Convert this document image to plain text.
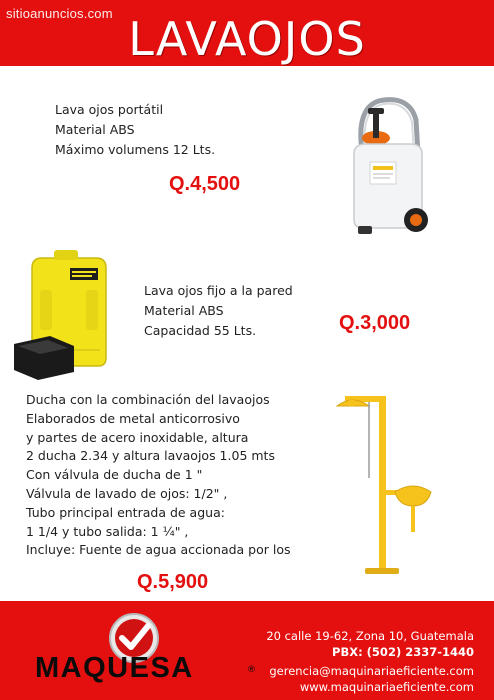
sitioanuncios.com LAVAOJOS
Lava ojos portátil
Material ABS
Máximo volumens 12 Lts.
Q.4,500
Lava ojos fijo a la pared
Material ABS
Capacidad 55 Lts.	Q.3,000
Ducha con la combinación del lavaojos
Elaborados de metal anticorrosivo
y partes de acero inoxidable, altura
2 ducha 2.34 y altura lavaojos 1.05 mts
Con válvula de ducha de 1 "
Válvula de lavado de ojos: 1/2" ,
Tubo principal entrada de agua:
1 1/4 y tubo salida: 1 ¼" ,
Incluye: Fuente de agua accionada por los
Q.5,900
MAQUESA	®
20 calle 19-62, Zona 10, Guatemala
PBX: (502) 2337-1440
gerencia@maquinariaeficiente.com
www.maquinariaeficiente.com
